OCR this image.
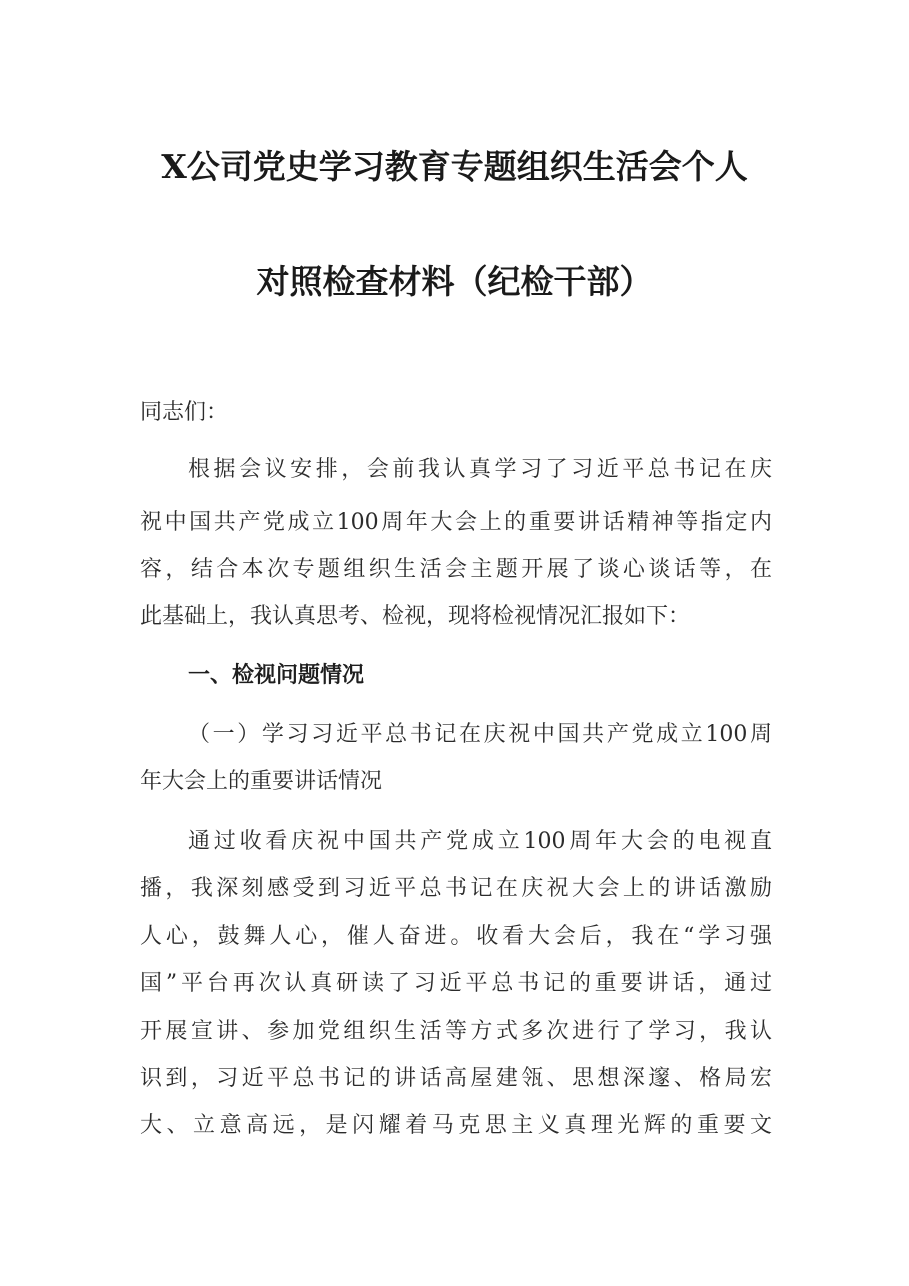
X公司党史学习教育专题组织生活会个人
对照检查材料（纪检干部）
同志们：
根据会议安排，会前我认真学习了习近平总书记在庆
祝中国共产党成立100周年大会上的重要讲话精神等指定内
容，结合本次专题组织生活会主题开展了谈心谈话等，在
此基础上，我认真思考、检视，现将检视情况汇报如下：
一、检视问题情况
（一）学习习近平总书记在庆祝中国共产党成立100周
年大会上的重要讲话情况
通过收看庆祝中国共产党成立100周年大会的电视直
播，我深刻感受到习近平总书记在庆祝大会上的讲话激励
人心，鼓舞人心，催人奋进。收看大会后，我在“学习强
国”平台再次认真研读了习近平总书记的重要讲话，通过
开展宣讲、参加党组织生活等方式多次进行了学习，我认
识到，习近平总书记的讲话高屋建瓴、思想深邃、格局宏
大、立意高远，是闪耀着马克思主义真理光辉的重要文
